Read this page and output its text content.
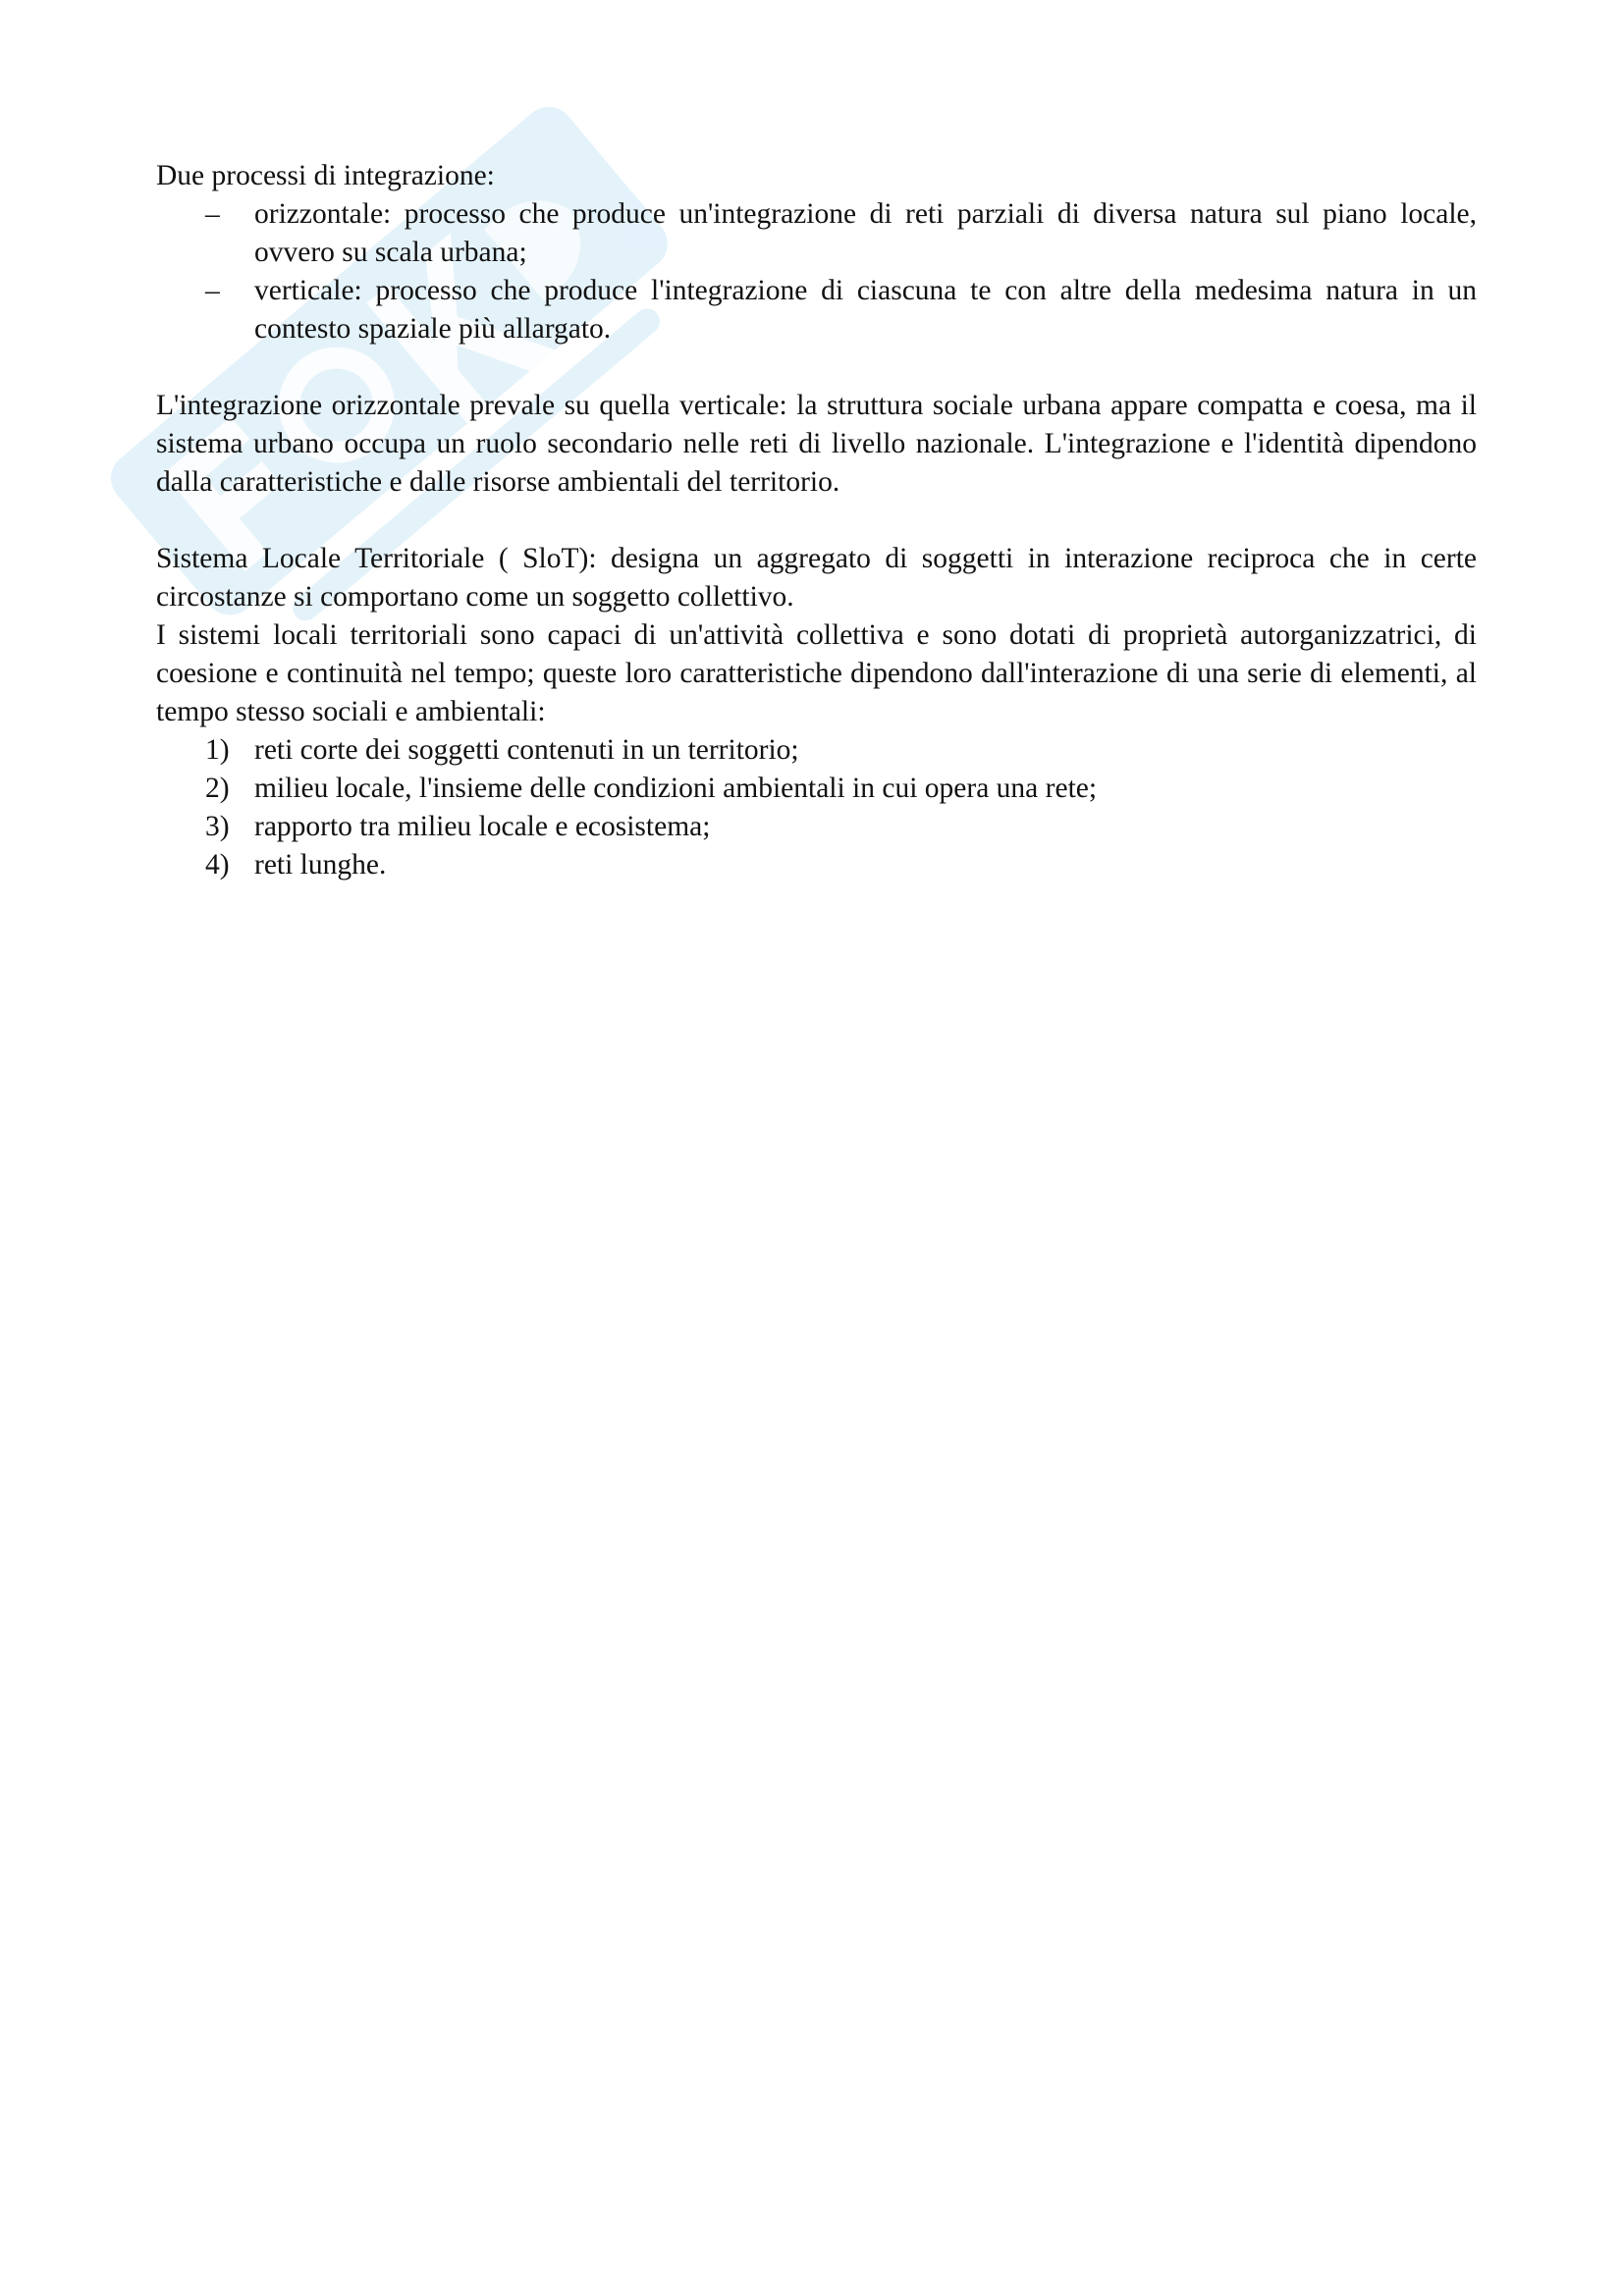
Due processi di integrazione:

– orizzontale: processo che produce un'integrazione di reti parziali di diversa natura sul piano locale, ovvero su scala urbana;
– verticale: processo che produce l'integrazione di ciascuna te con altre della medesima natura in un contesto spaziale più allargato.

L'integrazione orizzontale prevale su quella verticale: la struttura sociale urbana appare compatta e coesa, ma il sistema urbano occupa un ruolo secondario nelle reti di livello nazionale. L'integrazione e l'identità dipendono dalla caratteristiche e dalle risorse ambientali del territorio.

Sistema Locale Territoriale ( SloT): designa un aggregato di soggetti in interazione reciproca che in certe circostanze si comportano come un soggetto collettivo.

I sistemi locali territoriali sono capaci di un'attività collettiva e sono dotati di proprietà autorganizzatrici, di coesione e continuità nel tempo; queste loro caratteristiche dipendono dall'interazione di una serie di elementi, al tempo stesso sociali e ambientali:

1) reti corte dei soggetti contenuti in un territorio;
2) milieu locale, l'insieme delle condizioni ambientali in cui opera una rete;
3) rapporto tra milieu locale e ecosistema;
4) reti lunghe.
